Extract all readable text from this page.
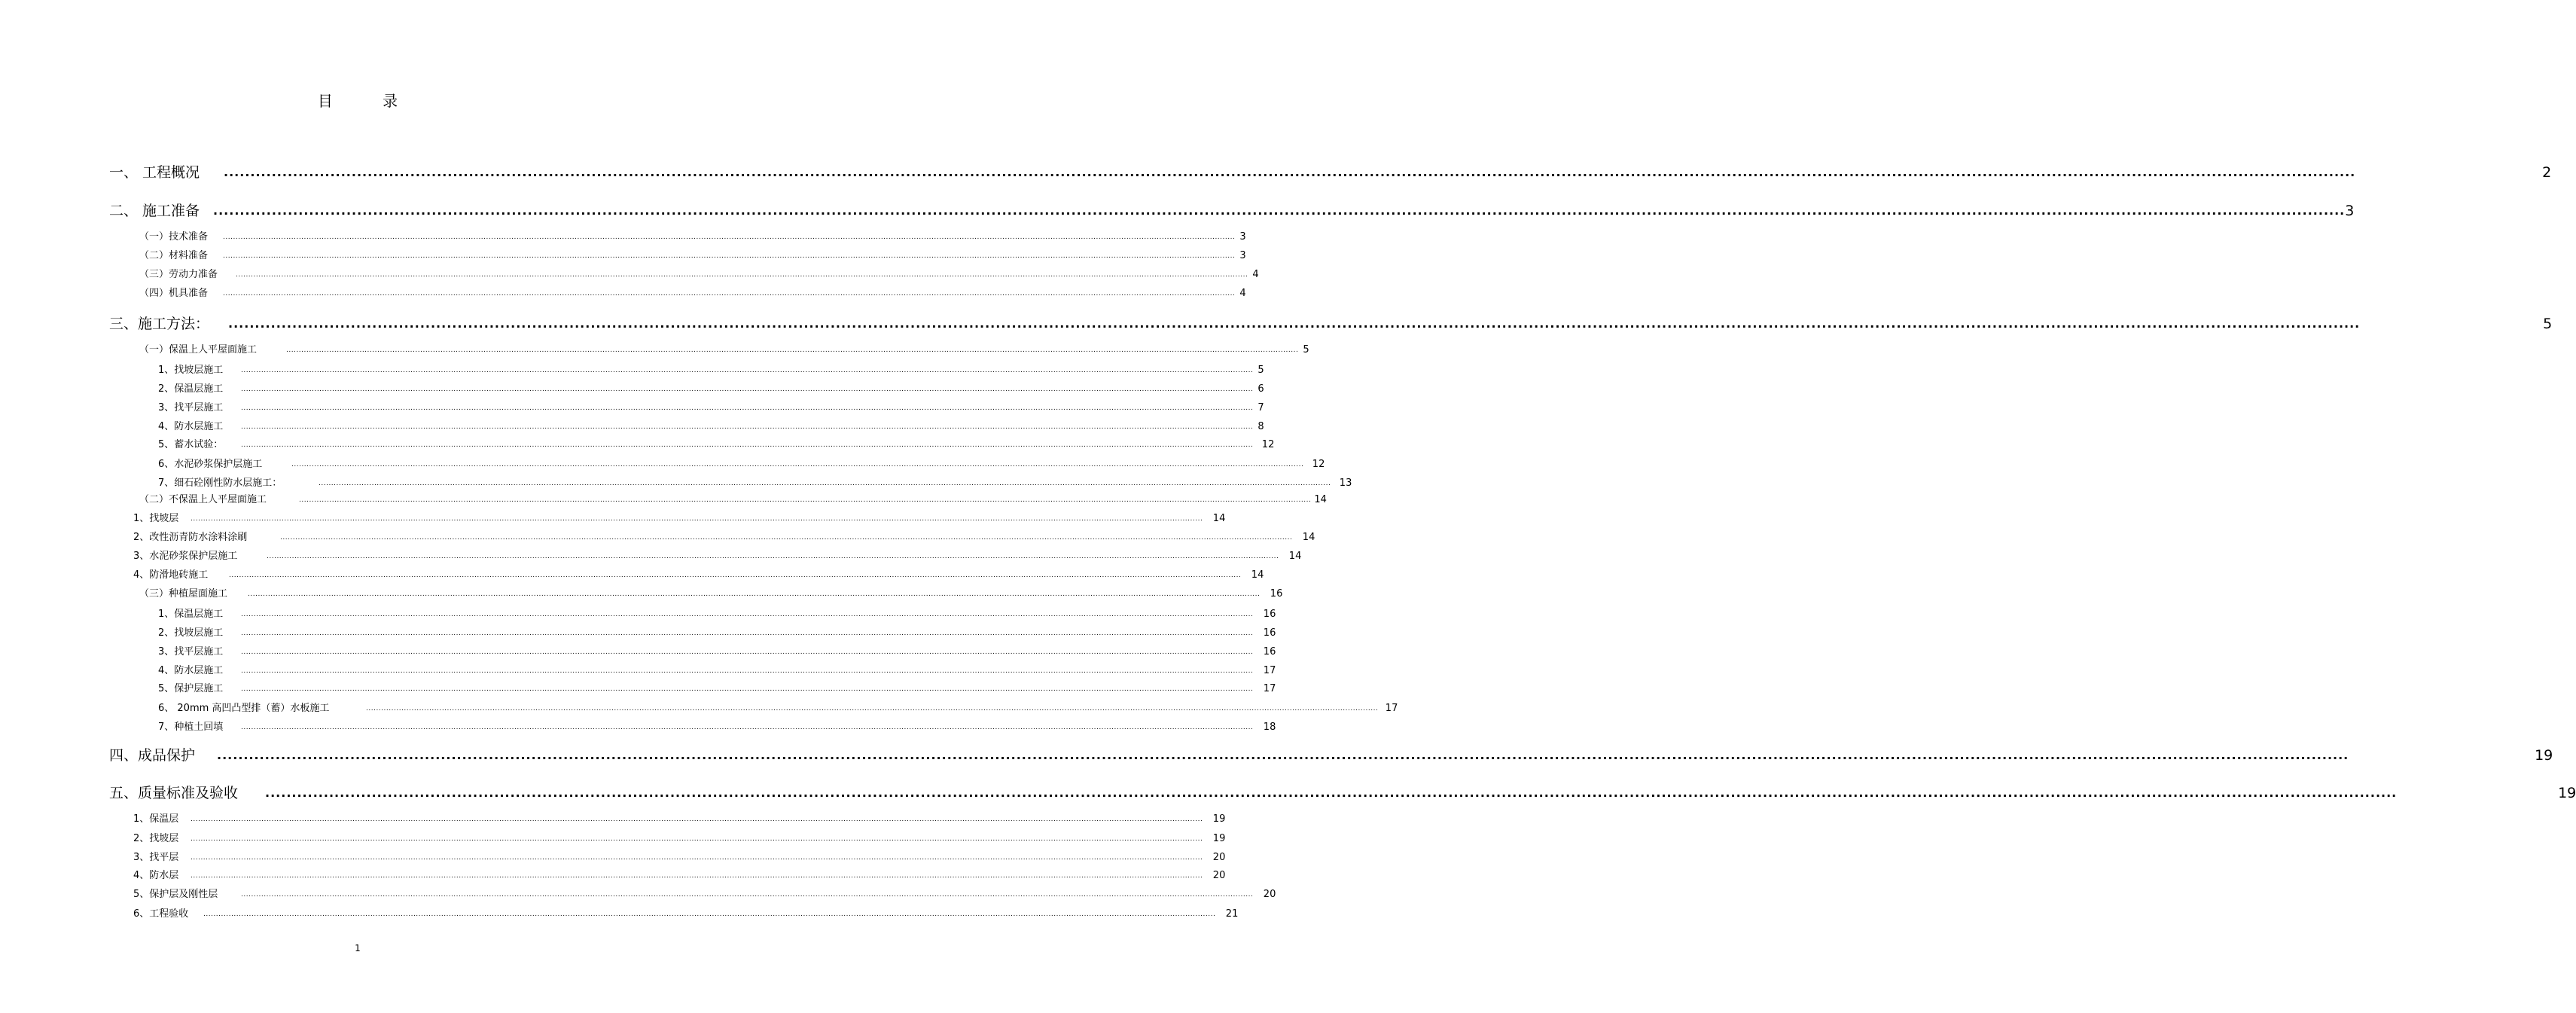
目 录
一、 工程概况 ................................................................................................................................................................................................................................................................................................................................................................................................................	2
二、 施工准备 ................................................................................................................................................................................................................................................................................................................................................................................................................ 3
（一）技术准备 ................................................................................................................................................................................................................................................................................................................................................................................................................ 3
（二）材料准备 ................................................................................................................................................................................................................................................................................................................................................................................................................ 3
（三）劳动力准备	................................................................................................................................................................................................................................................................................................................................................................................................................ 4
（四）机具准备 ................................................................................................................................................................................................................................................................................................................................................................................................................ 4
三、施工方法： ................................................................................................................................................................................................................................................................................................................................................................................................................	5
（一）保温上人平屋面施工	................................................................................................................................................................................................................................................................................................................................................................................................................ 5
1、找坡层施工	................................................................................................................................................................................................................................................................................................................................................................................................................ 5
2、保温层施工	................................................................................................................................................................................................................................................................................................................................................................................................................ 6
3、找平层施工	................................................................................................................................................................................................................................................................................................................................................................................................................ 7
4、防水层施工	................................................................................................................................................................................................................................................................................................................................................................................................................ 8
5、蓄水试验：	................................................................................................................................................................................................................................................................................................................................................................................................................ 12
6、水泥砂浆保护层施工	................................................................................................................................................................................................................................................................................................................................................................................................................ 12
7、细石砼刚性防水层施工：	................................................................................................................................................................................................................................................................................................................................................................................................................ 13
（二）不保温上人平屋面施工	................................................................................................................................................................................................................................................................................................................................................................................................................ 14
1、找坡层 ................................................................................................................................................................................................................................................................................................................................................................................................................ 14
2、改性沥青防水涂料涂刷	................................................................................................................................................................................................................................................................................................................................................................................................................ 14
3、水泥砂浆保护层施工	................................................................................................................................................................................................................................................................................................................................................................................................................ 14
4、防滑地砖施工	................................................................................................................................................................................................................................................................................................................................................................................................................ 14
（三）种植屋面施工	................................................................................................................................................................................................................................................................................................................................................................................................................ 16
1、保温层施工	................................................................................................................................................................................................................................................................................................................................................................................................................ 16
2、找坡层施工	................................................................................................................................................................................................................................................................................................................................................................................................................ 16
3、找平层施工	................................................................................................................................................................................................................................................................................................................................................................................................................ 16
4、防水层施工	................................................................................................................................................................................................................................................................................................................................................................................................................ 17
5、保护层施工	................................................................................................................................................................................................................................................................................................................................................................................................................ 17
6、 20mm 高凹凸型排（蓄）水板施工	................................................................................................................................................................................................................................................................................................................................................................................................................ 17
7、种植土回填	................................................................................................................................................................................................................................................................................................................................................................................................................ 18
四、成品保护 ................................................................................................................................................................................................................................................................................................................................................................................................................	19
五、质量标准及验收 ................................................................................................................................................................................................................................................................................................................................................................................................................	19
1、保温层 ................................................................................................................................................................................................................................................................................................................................................................................................................ 19
2、找坡层 ................................................................................................................................................................................................................................................................................................................................................................................................................ 19
3、找平层 ................................................................................................................................................................................................................................................................................................................................................................................................................ 20
4、防水层 ................................................................................................................................................................................................................................................................................................................................................................................................................ 20
5、保护层及刚性层	................................................................................................................................................................................................................................................................................................................................................................................................................ 20
6、工程验收 ................................................................................................................................................................................................................................................................................................................................................................................................................ 21
1
